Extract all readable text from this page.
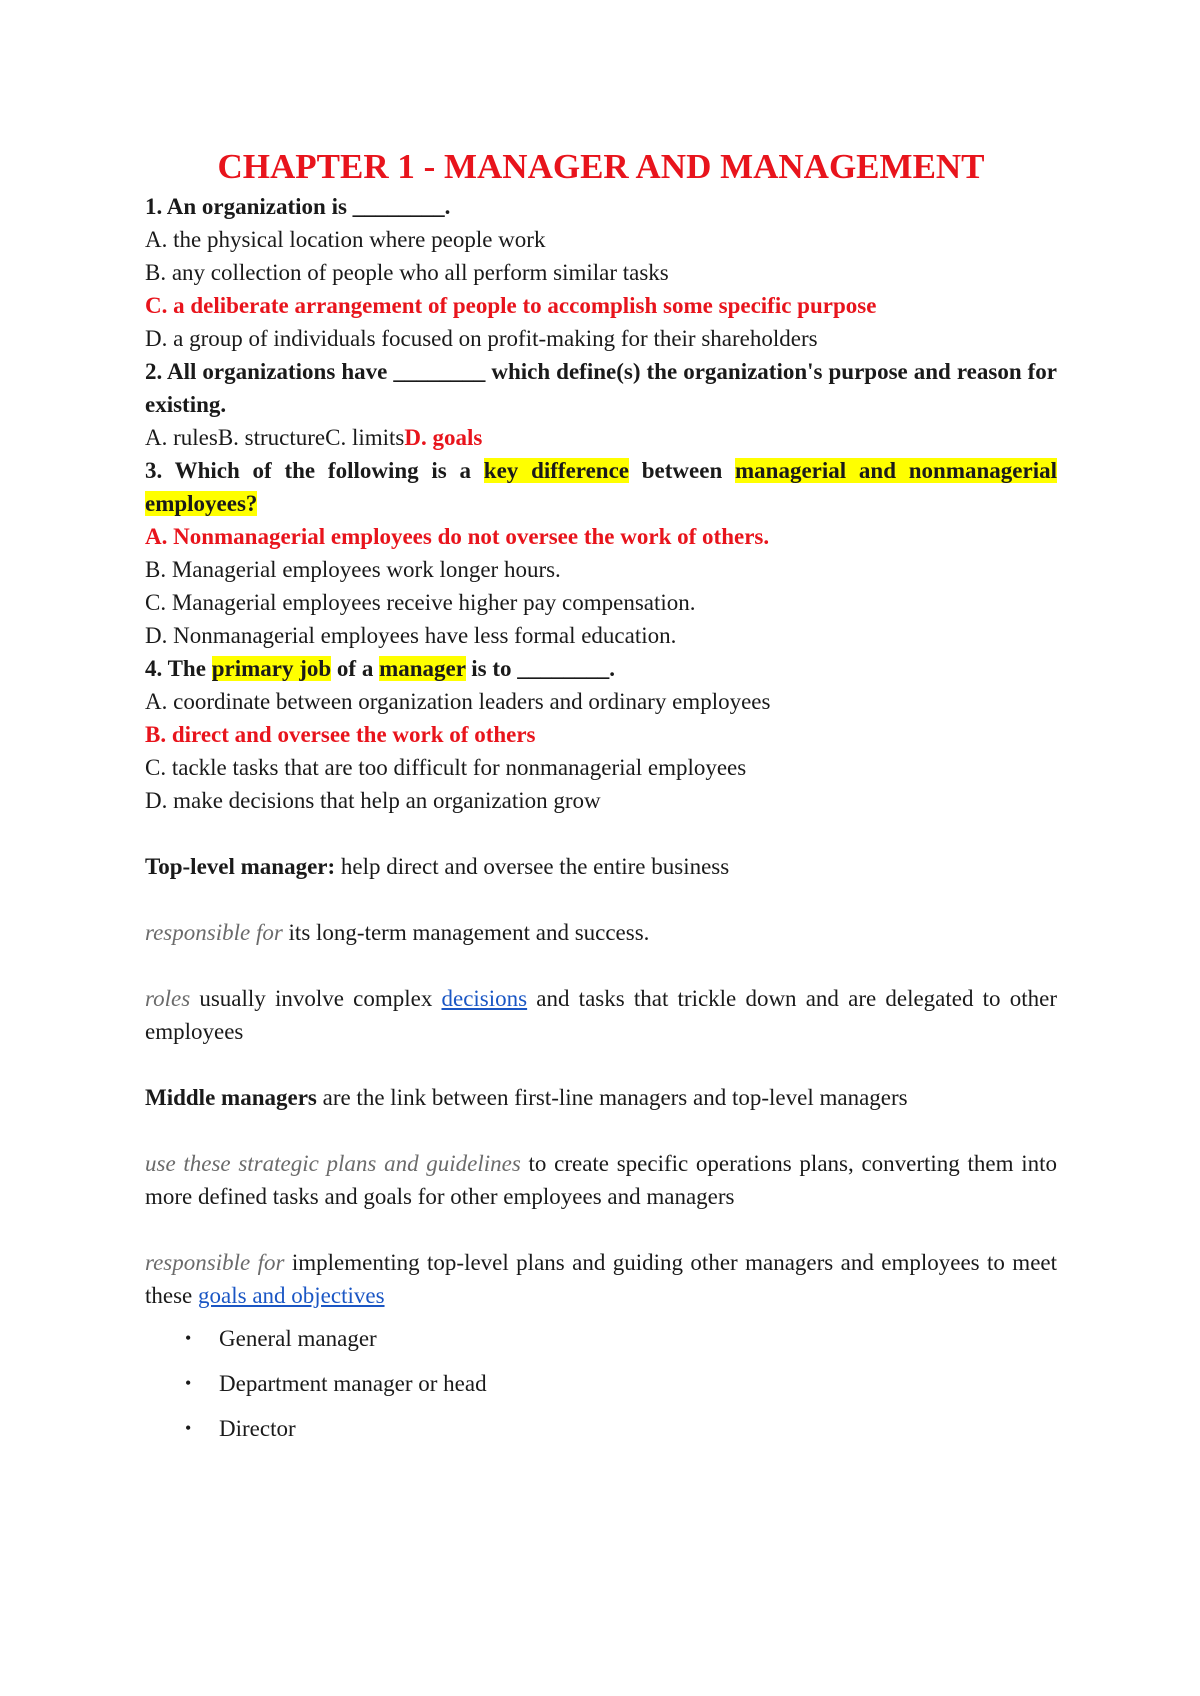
CHAPTER 1 - MANAGER AND MANAGEMENT

1. An organization is ________.

A. the physical location where people work

B. any collection of people who all perform similar tasks

C. a deliberate arrangement of people to accomplish some specific purpose

D. a group of individuals focused on profit-making for their shareholders

2. All organizations have ________ which define(s) the organization's purpose and reason for existing.

A. rulesB. structureC. limitsD. goals

3. Which of the following is a key difference between managerial and nonmanagerial employees?

A. Nonmanagerial employees do not oversee the work of others.

B. Managerial employees work longer hours.

C. Managerial employees receive higher pay compensation.

D. Nonmanagerial employees have less formal education.

4. The primary job of a manager is to ________.

A. coordinate between organization leaders and ordinary employees

B. direct and oversee the work of others

C. tackle tasks that are too difficult for nonmanagerial employees

D. make decisions that help an organization grow

Top-level manager: help direct and oversee the entire business

responsible for its long-term management and success.

roles usually involve complex decisions and tasks that trickle down and are delegated to other employees

Middle managers are the link between first-line managers and top-level managers

use these strategic plans and guidelines to create specific operations plans, converting them into more defined tasks and goals for other employees and managers

responsible for implementing top-level plans and guiding other managers and employees to meet these goals and objectives

• General manager
• Department manager or head
• Director
